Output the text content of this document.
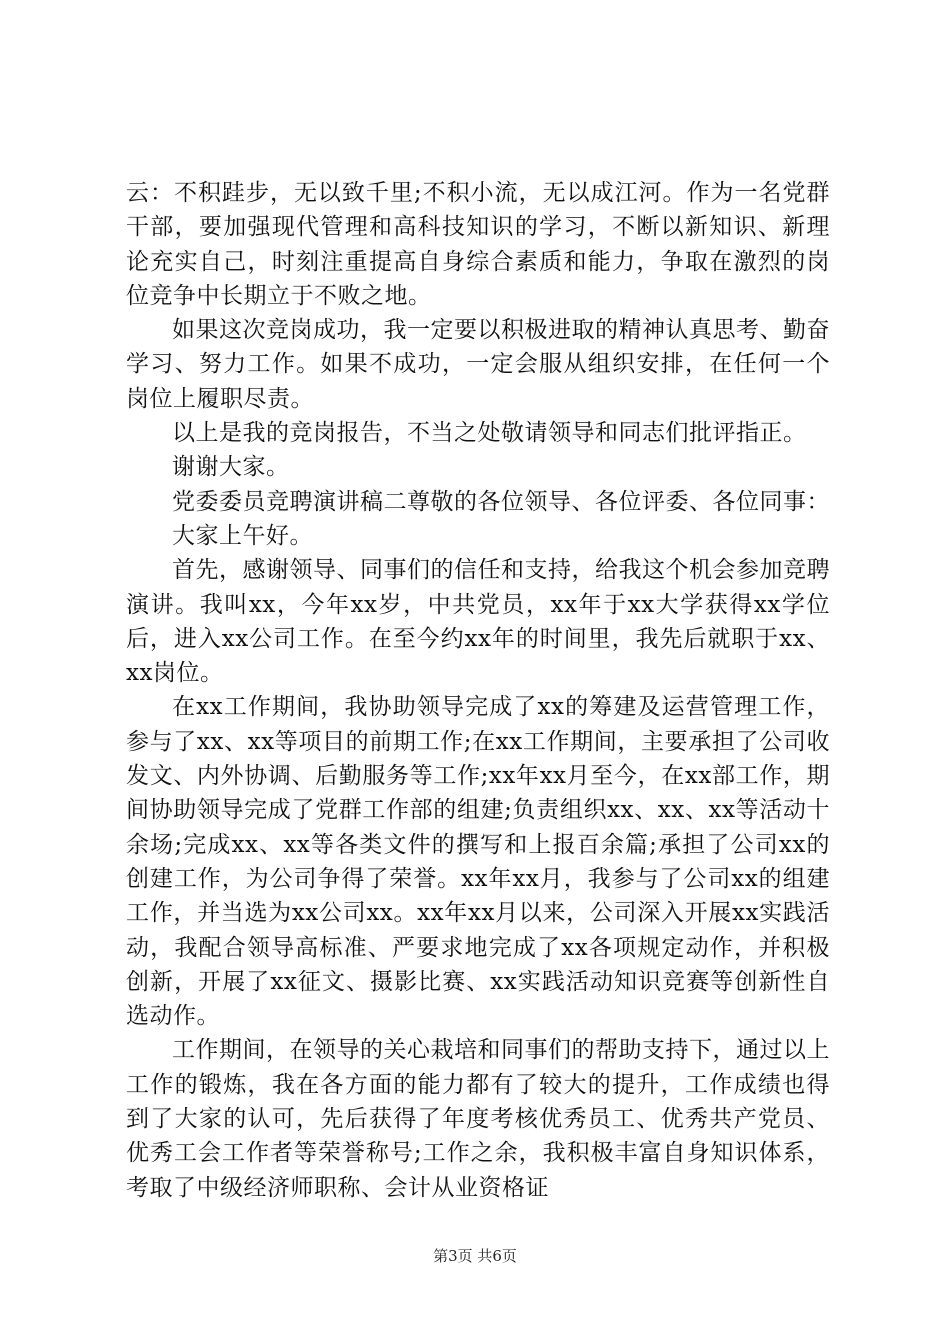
云：不积跬步，无以致千里;不积小流，无以成江河。作为一名党群干部，要加强现代管理和高科技知识的学习，不断以新知识、新理论充实自己，时刻注重提高自身综合素质和能力，争取在激烈的岗位竞争中长期立于不败之地。

如果这次竞岗成功，我一定要以积极进取的精神认真思考、勤奋学习、努力工作。如果不成功，一定会服从组织安排，在任何一个岗位上履职尽责。

以上是我的竞岗报告，不当之处敬请领导和同志们批评指正。

谢谢大家。

党委委员竞聘演讲稿二尊敬的各位领导、各位评委、各位同事：

大家上午好。

首先，感谢领导、同事们的信任和支持，给我这个机会参加竞聘演讲。我叫xx，今年xx岁，中共党员，xx年于xx大学获得xx学位后，进入xx公司工作。在至今约xx年的时间里，我先后就职于xx、xx岗位。

在xx工作期间，我协助领导完成了xx的筹建及运营管理工作，参与了xx、xx等项目的前期工作;在xx工作期间，主要承担了公司收发文、内外协调、后勤服务等工作;xx年xx月至今，在xx部工作，期间协助领导完成了党群工作部的组建;负责组织xx、xx、xx等活动十余场;完成xx、xx等各类文件的撰写和上报百余篇;承担了公司xx的创建工作，为公司争得了荣誉。xx年xx月，我参与了公司xx的组建工作，并当选为xx公司xx。xx年xx月以来，公司深入开展xx实践活动，我配合领导高标准、严要求地完成了xx各项规定动作，并积极创新，开展了xx征文、摄影比赛、xx实践活动知识竞赛等创新性自选动作。

工作期间，在领导的关心栽培和同事们的帮助支持下，通过以上工作的锻炼，我在各方面的能力都有了较大的提升，工作成绩也得到了大家的认可，先后获得了年度考核优秀员工、优秀共产党员、优秀工会工作者等荣誉称号;工作之余，我积极丰富自身知识体系，考取了中级经济师职称、会计从业资格证

第3页 共6页
